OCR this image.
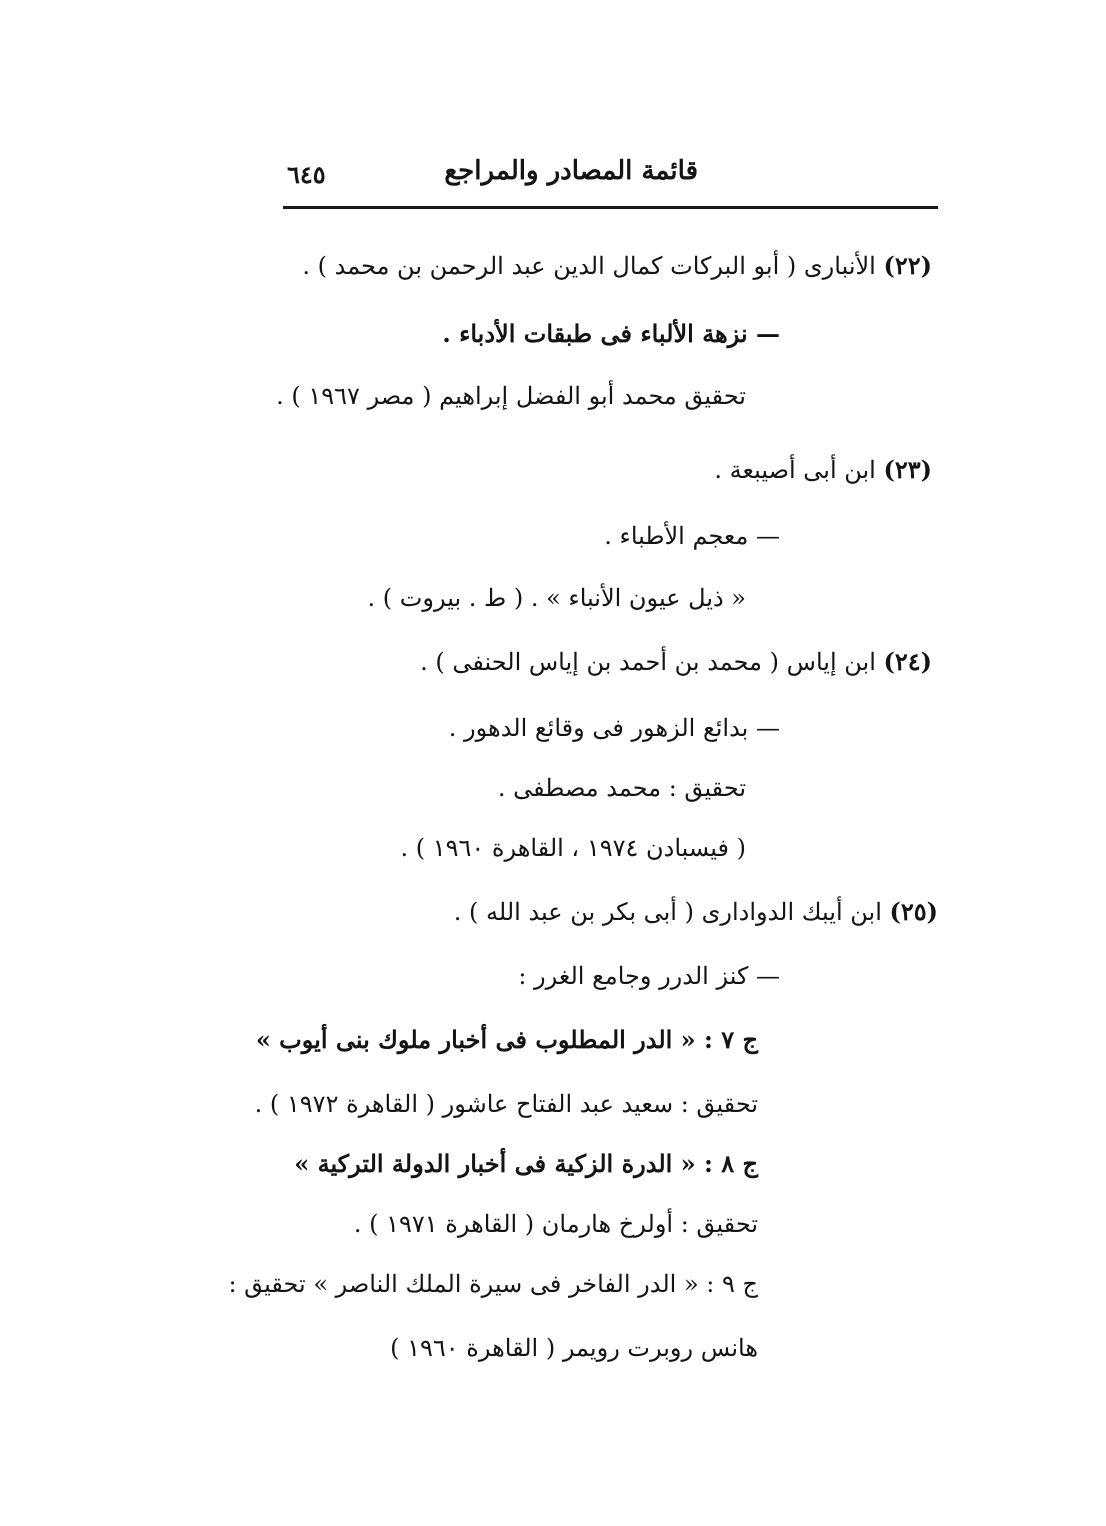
قائمة المصادر والمراجع
٦٤٥
(٢٢) الأنبارى ( أبو البركات كمال الدين عبد الرحمن بن محمد ) .
— نزهة الألباء فى طبقات الأدباء .
تحقيق محمد أبو الفضل إبراهيم ( مصر ١٩٦٧ ) .
(٢٣) ابن أبى أصيبعة .
— معجم الأطباء .
« ذيل عيون الأنباء » . ( ط . بيروت ) .
(٢٤) ابن إياس ( محمد بن أحمد بن إياس الحنفى ) .
— بدائع الزهور فى وقائع الدهور .
تحقيق : محمد مصطفى .
( فيسبادن ١٩٧٤ ، القاهرة ١٩٦٠ ) .
(٢٥) ابن أيبك الدوادارى ( أبى بكر بن عبد الله ) .
— كنز الدرر وجامع الغرر :
ج ٧ : « الدر المطلوب فى أخبار ملوك بنى أيوب »
تحقيق : سعيد عبد الفتاح عاشور ( القاهرة ١٩٧٢ ) .
ج ٨ : « الدرة الزكية فى أخبار الدولة التركية »
تحقيق : أولرخ هارمان ( القاهرة ١٩٧١ ) .
ج ٩ : « الدر الفاخر فى سيرة الملك الناصر » تحقيق :
هانس روبرت رويمر ( القاهرة ١٩٦٠ )
